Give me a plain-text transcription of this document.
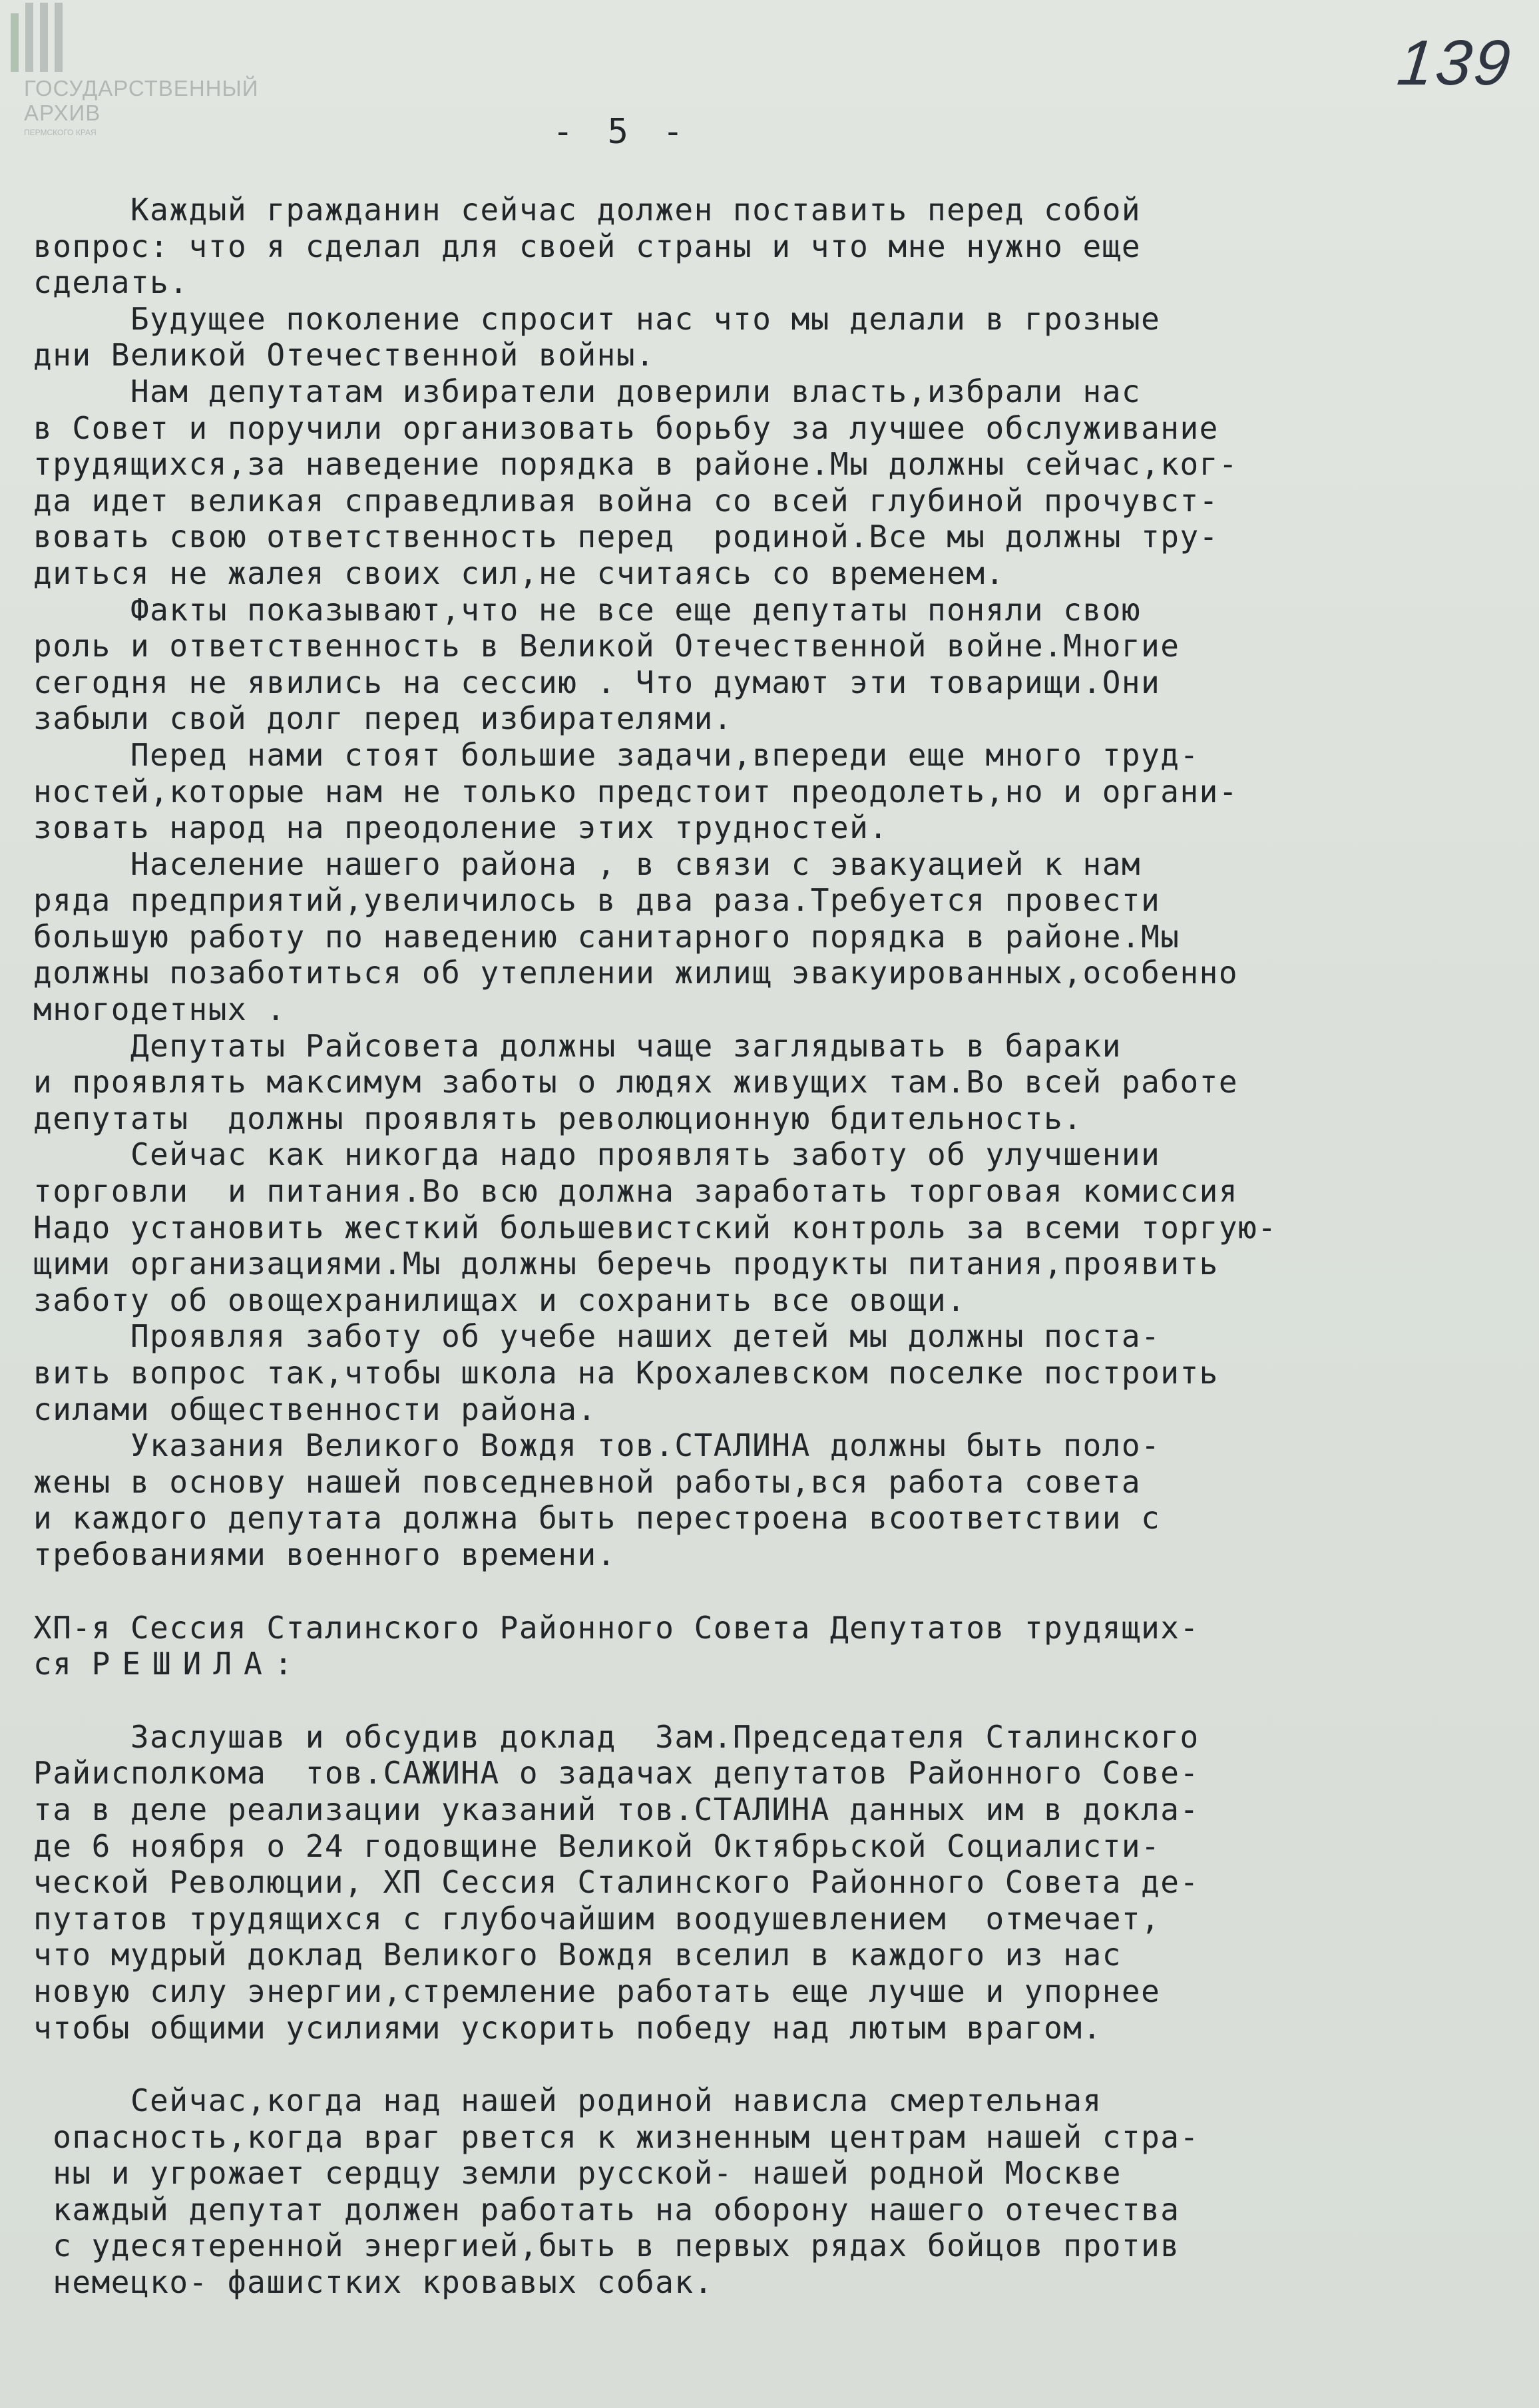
ГОСУДАРСТВЕННЫЙ
АРХИВ
ПЕРМСКОГО КРАЯ
139
- 5 -
Каждый гражданин сейчас должен поставить перед собой
вопрос: что я сделал для своей страны и что мне нужно еще
сделать.
Будущее поколение спросит нас что мы делали в грозные
дни Великой Отечественной войны.
Нам депутатам избиратели доверили власть,избрали нас
в Совет и поручили организовать борьбу за лучшее обслуживание
трудящихся,за наведение порядка в районе.Мы должны сейчас,ког-
да идет великая справедливая война со всей глубиной прочувст-
вовать свою ответственность перед  родиной.Все мы должны тру-
диться не жалея своих сил,не считаясь со временем.
Факты показывают,что не все еще депутаты поняли свою
роль и ответственность в Великой Отечественной войне.Многие
сегодня не явились на сессию . Что думают эти товарищи.Они
забыли свой долг перед избирателями.
Перед нами стоят большие задачи,впереди еще много труд-
ностей,которые нам не только предстоит преодолеть,но и органи-
зовать народ на преодоление этих трудностей.
Население нашего района , в связи с эвакуацией к нам
ряда предприятий,увеличилось в два раза.Требуется провести
большую работу по наведению санитарного порядка в районе.Мы
должны позаботиться об утеплении жилищ эвакуированных,особенно
многодетных .
Депутаты Райсовета должны чаще заглядывать в бараки
и проявлять максимум заботы о людях живущих там.Во всей работе
депутаты  должны проявлять революционную бдительность.
Сейчас как никогда надо проявлять заботу об улучшении
торговли  и питания.Во всю должна заработать торговая комиссия
Надо установить жесткий большевистский контроль за всеми торгую-
щими организациями.Мы должны беречь продукты питания,проявить
заботу об овощехранилищах и сохранить все овощи.
Проявляя заботу об учебе наших детей мы должны поста-
вить вопрос так,чтобы школа на Крохалевском поселке построить
силами общественности района.
Указания Великого Вождя тов.СТАЛИНА должны быть поло-
жены в основу нашей повседневной работы,вся работа совета
и каждого депутата должна быть перестроена всоответствии с
требованиями военного времени.
ХП-я Сессия Сталинского Районного Совета Депутатов трудящих-
ся РЕШИЛА:
Заслушав и обсудив доклад  Зам.Председателя Сталинского
Райисполкома  тов.САЖИНА о задачах депутатов Районного Сове-
та в деле реализации указаний тов.СТАЛИНА данных им в докла-
де 6 ноября о 24 годовщине Великой Октябрьской Социалисти-
ческой Революции, ХП Сессия Сталинского Районного Совета де-
путатов трудящихся с глубочайшим воодушевлением  отмечает,
что мудрый доклад Великого Вождя вселил в каждого из нас
новую силу энергии,стремление работать еще лучше и упорнее
чтобы общими усилиями ускорить победу над лютым врагом.
Сейчас,когда над нашей родиной нависла смертельная
опасность,когда враг рвется к жизненным центрам нашей стра-
ны и угрожает сердцу земли русской- нашей родной Москве
каждый депутат должен работать на оборону нашего отечества
с удесятеренной энергией,быть в первых рядах бойцов против
немецко- фашистких кровавых собак.
